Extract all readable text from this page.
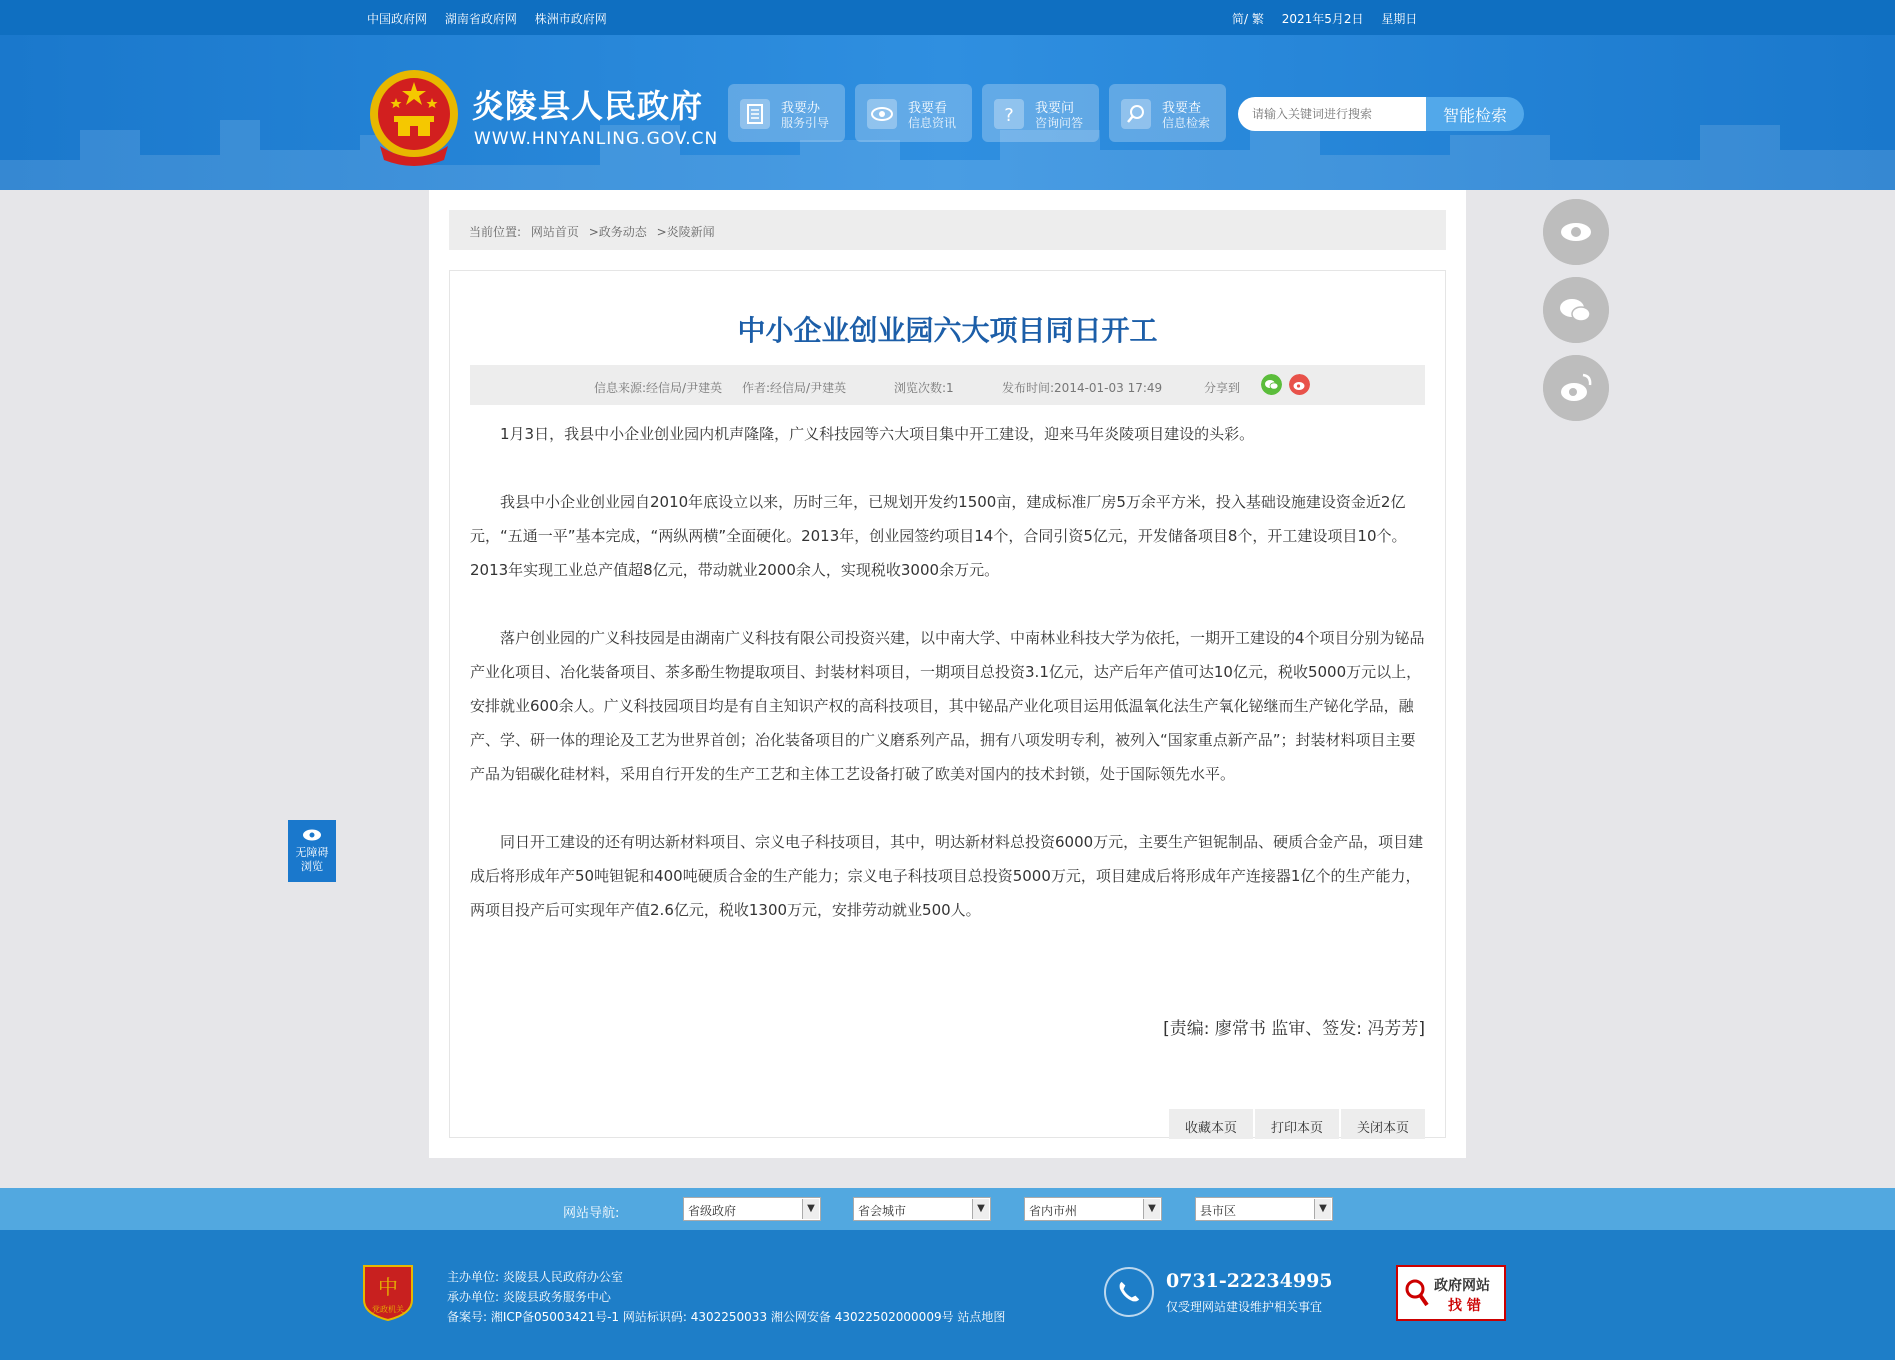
中国政府网 湖南省政府网 株洲市政府网	简/ 繁 2021年5月2日 星期日
炎陵县人民政府
WWW.HNYANLING.GOV.CN
我要办
服务引导
我要看
信息资讯	? 我要问
咨询问答
我要查
信息检索
请输入关键词进行搜索	智能检索
当前位置: 网站首页 >政务动态 >炎陵新闻
中小企业创业园六大项目同日开工
信息来源:经信局/尹建英 作者:经信局/尹建英	浏览次数:1	发布时间:2014-01-03 17:49	分享到

1月3日，我县中小企业创业园内机声隆隆，广义科技园等六大项目集中开工建设，迎来马年炎陵项目建设的头彩。

我县中小企业创业园自2010年底设立以来，历时三年，已规划开发约1500亩，建成标准厂房5万余平方米，投入基础设施建设资金近2亿元，“五通一平”基本完成，“两纵两横”全面硬化。2013年，创业园签约项目14个，合同引资5亿元，开发储备项目8个，开工建设项目10个。2013年实现工业总产值超8亿元，带动就业2000余人，实现税收3000余万元。

落户创业园的广义科技园是由湖南广义科技有限公司投资兴建，以中南大学、中南林业科技大学为依托，一期开工建设的4个项目分别为铋品产业化项目、冶化装备项目、茶多酚生物提取项目、封装材料项目，一期项目总投资3.1亿元，达产后年产值可达10亿元，税收5000万元以上，安排就业600余人。广义科技园项目均是有自主知识产权的高科技项目，其中铋品产业化项目运用低温氧化法生产氧化铋继而生产铋化学品，融产、学、研一体的理论及工艺为世界首创；冶化装备项目的广义磨系列产品，拥有八项发明专利，被列入“国家重点新产品”；封装材料项目主要产品为铝碳化硅材料，采用自行开发的生产工艺和主体工艺设备打破了欧美对国内的技术封锁，处于国际领先水平。

同日开工建设的还有明达新材料项目、宗义电子科技项目，其中，明达新材料总投资6000万元，主要生产钽铌制品、硬质合金产品，项目建成后将形成年产50吨钽铌和400吨硬质合金的生产能力；宗义电子科技项目总投资5000万元，项目建成后将形成年产连接器1亿个的生产能力，两项目投产后可实现年产值2.6亿元，税收1300万元，安排劳动就业500人。

[责编: 廖常书 监审、签发: 冯芳芳]
收藏本页	打印本页	关闭本页
无障碍
浏览
网站导航:	省级政府	▼	省会城市	▼	省内市州	▼	县市区	▼
中
党政机关
主办单位: 炎陵县人民政府办公室
承办单位: 炎陵县政务服务中心
备案号: 湘ICP备05003421号-1 网站标识码: 4302250033 湘公网安备 43022502000009号 站点地图
0731-22234995
仅受理网站建设维护相关事宜
政府网站
找 错
